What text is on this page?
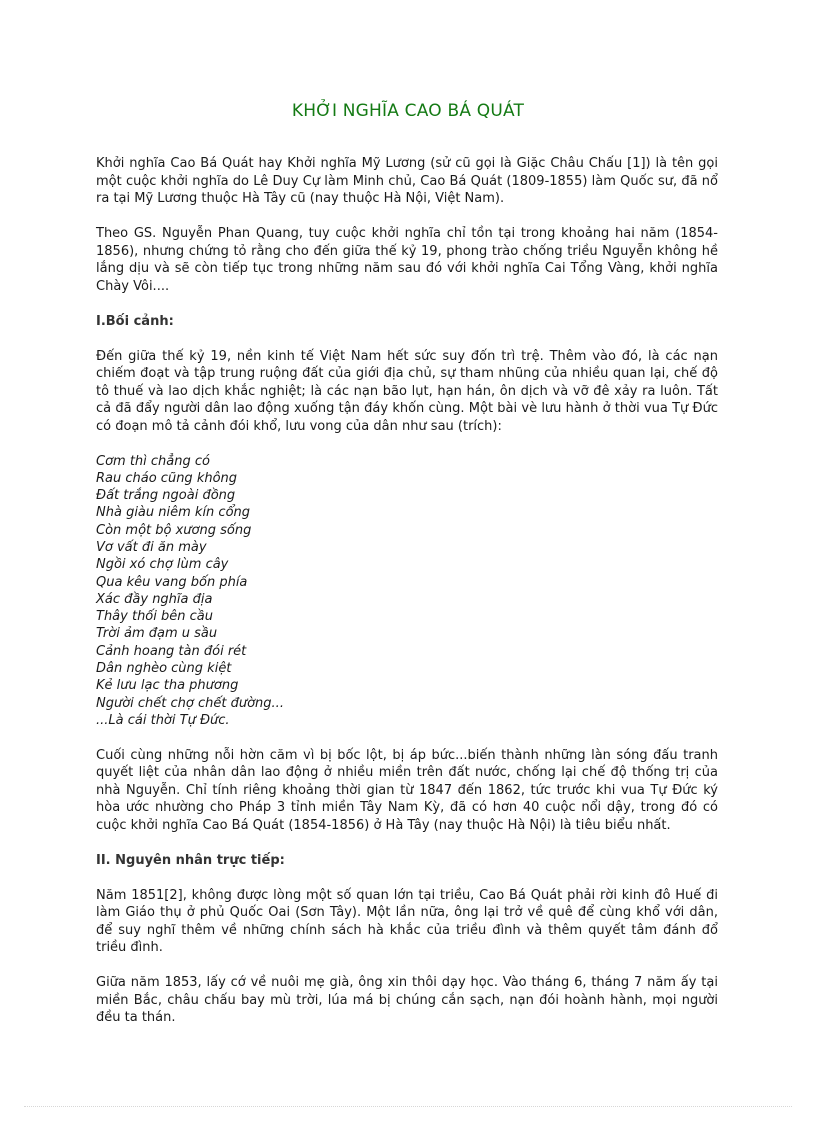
KHỞI NGHĨA CAO BÁ QUÁT

Khởi nghĩa Cao Bá Quát hay Khởi nghĩa Mỹ Lương (sử cũ gọi là Giặc Châu Chấu [1]) là tên gọi một cuộc khởi nghĩa do Lê Duy Cự làm Minh chủ, Cao Bá Quát (1809-1855) làm Quốc sư, đã nổ ra tại Mỹ Lương thuộc Hà Tây cũ (nay thuộc Hà Nội, Việt Nam).

Theo GS. Nguyễn Phan Quang, tuy cuộc khởi nghĩa chỉ tồn tại trong khoảng hai năm (1854-1856), nhưng chứng tỏ rằng cho đến giữa thế kỷ 19, phong trào chống triều Nguyễn không hề lắng dịu và sẽ còn tiếp tục trong những năm sau đó với khởi nghĩa Cai Tổng Vàng, khởi nghĩa Chày Vôi....

I.Bối cảnh:

Đến giữa thế kỷ 19, nền kinh tế Việt Nam hết sức suy đốn trì trệ. Thêm vào đó, là các nạn chiếm đoạt và tập trung ruộng đất của giới địa chủ, sự tham nhũng của nhiều quan lại, chế độ tô thuế và lao dịch khắc nghiệt; là các nạn bão lụt, hạn hán, ôn dịch và vỡ đê xảy ra luôn. Tất cả đã đẩy người dân lao động xuống tận đáy khốn cùng. Một bài vè lưu hành ở thời vua Tự Đức có đoạn mô tả cảnh đói khổ, lưu vong của dân như sau (trích):

Cơm thì chẳng có
Rau cháo cũng không
Đất trắng ngoài đồng
Nhà giàu niêm kín cổng
Còn một bộ xương sống
Vơ vất đi ăn mày
Ngồi xó chợ lùm cây
Qua kêu vang bốn phía
Xác đầy nghĩa địa
Thây thối bên cầu
Trời ảm đạm u sầu
Cảnh hoang tàn đói rét
Dân nghèo cùng kiệt
Kẻ lưu lạc tha phương
Người chết chợ chết đường...
...Là cái thời Tự Đức.

Cuối cùng những nỗi hờn căm vì bị bốc lột, bị áp bức...biến thành những làn sóng đấu tranh quyết liệt của nhân dân lao động ở nhiều miền trên đất nước, chống lại chế độ thống trị của nhà Nguyễn. Chỉ tính riêng khoảng thời gian từ 1847 đến 1862, tức trước khi vua Tự Đức ký hòa ước nhường cho Pháp 3 tỉnh miền Tây Nam Kỳ, đã có hơn 40 cuộc nổi dậy, trong đó có cuộc khởi nghĩa Cao Bá Quát (1854-1856) ở Hà Tây (nay thuộc Hà Nội) là tiêu biểu nhất.

II. Nguyên nhân trực tiếp:

Năm 1851[2], không được lòng một số quan lớn tại triều, Cao Bá Quát phải rời kinh đô Huế đi làm Giáo thụ ở phủ Quốc Oai (Sơn Tây). Một lần nữa, ông lại trở về quê để cùng khổ với dân, để suy nghĩ thêm về những chính sách hà khắc của triều đình và thêm quyết tâm đánh đổ triều đình.

Giữa năm 1853, lấy cớ về nuôi mẹ già, ông xin thôi dạy học. Vào tháng 6, tháng 7 năm ấy tại miền Bắc, châu chấu bay mù trời, lúa má bị chúng cắn sạch, nạn đói hoành hành, mọi người đều ta thán.
